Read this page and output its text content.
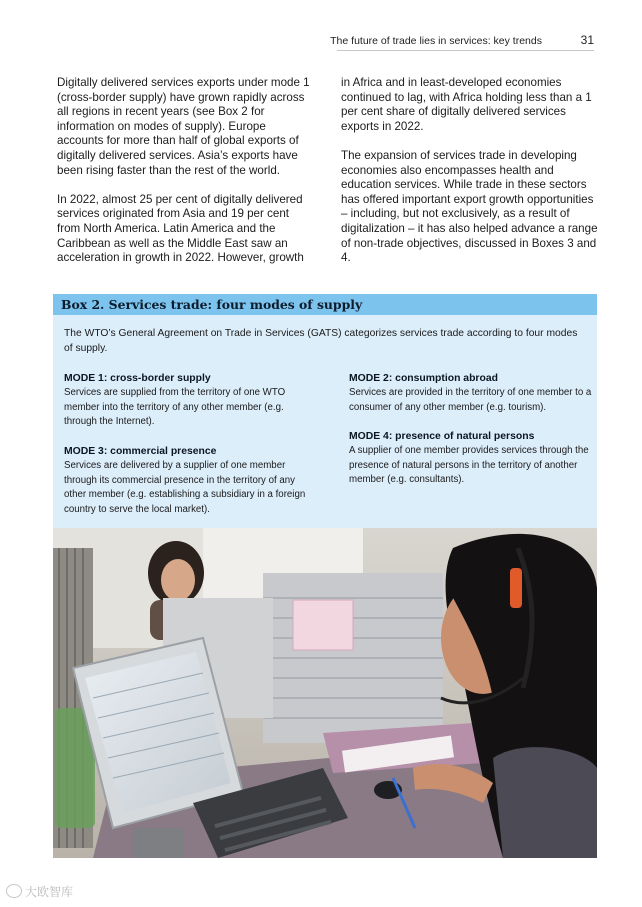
The future of trade lies in services: key trends	31

Digitally delivered services exports under mode 1 (cross-border supply) have grown rapidly across all regions in recent years (see Box 2 for information on modes of supply). Europe accounts for more than half of global exports of digitally delivered services. Asia’s exports have been rising faster than the rest of the world.

In 2022, almost 25 per cent of digitally delivered services originated from Asia and 19 per cent from North America. Latin America and the Caribbean as well as the Middle East saw an acceleration in growth in 2022. However, growth

in Africa and in least-developed economies continued to lag, with Africa holding less than a 1 per cent share of digitally delivered services exports in 2022.

The expansion of services trade in developing economies also encompasses health and education services. While trade in these sectors has offered important export growth opportunities – including, but not exclusively, as a result of digitalization – it has also helped advance a range of non-trade objectives, discussed in Boxes 3 and 4.

Box 2. Services trade: four modes of supply
The WTO’s General Agreement on Trade in Services (GATS) categorizes services trade according to four modes of supply.
MODE 1: cross-border supply
Services are supplied from the territory of one WTO member into the territory of any other member (e.g. through the Internet).
MODE 2: consumption abroad
Services are provided in the territory of one member to a consumer of any other member (e.g. tourism).
MODE 3: commercial presence
Services are delivered by a supplier of one member through its commercial presence in the territory of any other member (e.g. establishing a subsidiary in a foreign country to serve the local market).
MODE 4: presence of natural persons
A supplier of one member provides services through the presence of natural persons in the territory of another member (e.g. consultants).
大欧智库
